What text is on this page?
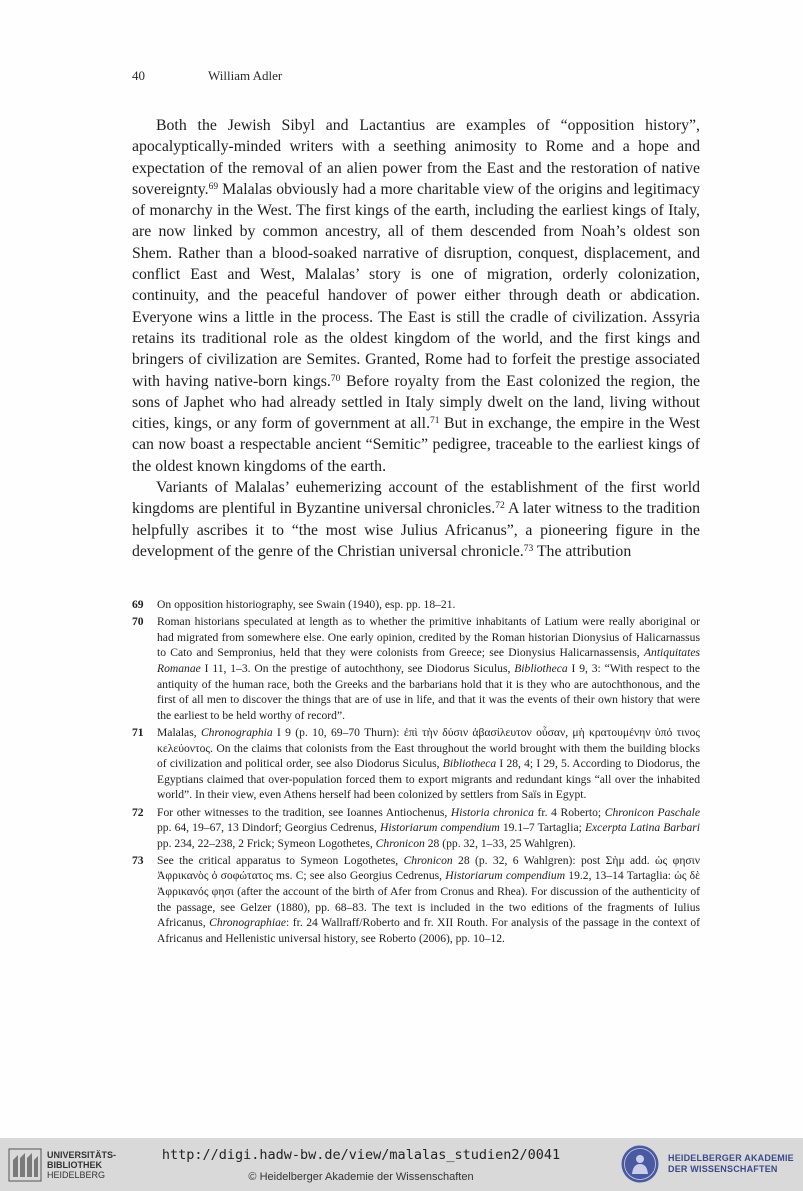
40	William Adler

Both the Jewish Sibyl and Lactantius are examples of “opposition history”, apocalyptically-minded writers with a seething animosity to Rome and a hope and expectation of the removal of an alien power from the East and the restoration of native sovereignty.$^{69}$ Malalas obviously had a more charitable view of the origins and legitimacy of monarchy in the West. The first kings of the earth, including the earliest kings of Italy, are now linked by common ancestry, all of them descended from Noah’s oldest son Shem. Rather than a blood-soaked narrative of disruption, conquest, displacement, and conflict East and West, Malalas’ story is one of migration, orderly colonization, continuity, and the peaceful handover of power either through death or abdication. Everyone wins a little in the process. The East is still the cradle of civilization. Assyria retains its traditional role as the oldest kingdom of the world, and the first kings and bringers of civilization are Semites. Granted, Rome had to forfeit the prestige associated with having native-born kings.$^{70}$ Before royalty from the East colonized the region, the sons of Japhet who had already settled in Italy simply dwelt on the land, living without cities, kings, or any form of government at all.$^{71}$ But in exchange, the empire in the West can now boast a respectable ancient “Semitic” pedigree, traceable to the earliest kings of the oldest known kingdoms of the earth.

Variants of Malalas’ euhemerizing account of the establishment of the first world kingdoms are plentiful in Byzantine universal chronicles.$^{72}$ A later witness to the tradition helpfully ascribes it to “the most wise Julius Africanus”, a pioneering figure in the development of the genre of the Christian universal chronicle.$^{73}$ The attribution

69	On opposition historiography, see Swain (1940), esp. pp. 18–21.
70	Roman historians speculated at length as to whether the primitive inhabitants of Latium were really aboriginal or had migrated from somewhere else. One early opinion, credited by the Roman historian Dionysius of Halicarnassus to Cato and Sempronius, held that they were colonists from Greece; see Dionysius Halicarnassensis, Antiquitates Romanae I 11, 1–3. On the prestige of autochthony, see Diodorus Siculus, Bibliotheca I 9, 3: “With respect to the antiquity of the human race, both the Greeks and the barbarians hold that it is they who are autochthonous, and the first of all men to discover the things that are of use in life, and that it was the events of their own history that were the earliest to be held worthy of record”.
71	Malalas, Chronographia I 9 (p. 10, 69–70 Thurn): ἐπὶ τὴν δύσιν ἀβασίλευτον οὖσαν, μὴ κρατουμένην ὑπό τινος κελεύοντος. On the claims that colonists from the East throughout the world brought with them the building blocks of civilization and political order, see also Diodorus Siculus, Bibliotheca I 28, 4; I 29, 5. According to Diodorus, the Egyptians claimed that over-population forced them to export migrants and redundant kings “all over the inhabited world”. In their view, even Athens herself had been colonized by settlers from Saïs in Egypt.
72	For other witnesses to the tradition, see Ioannes Antiochenus, Historia chronica fr. 4 Roberto; Chronicon Paschale pp. 64, 19–67, 13 Dindorf; Georgius Cedrenus, Historiarum compendium 19.1–7 Tartaglia; Excerpta Latina Barbari pp. 234, 22–238, 2 Frick; Symeon Logothetes, Chronicon 28 (pp. 32, 1–33, 25 Wahlgren).
73	See the critical apparatus to Symeon Logothetes, Chronicon 28 (p. 32, 6 Wahlgren): post Σὴμ add. ὡς φησιν Ἀφρικανὸς ὁ σοφώτατος ms. C; see also Georgius Cedrenus, Historiarum compendium 19.2, 13–14 Tartaglia: ὡς δὲ Ἀφρικανός φησι (after the account of the birth of Afer from Cronus and Rhea). For discussion of the authenticity of the passage, see Gelzer (1880), pp. 68–83. The text is included in the two editions of the fragments of Iulius Africanus, Chronographiae: fr. 24 Wallraff/Roberto and fr. XII Routh. For analysis of the passage in the context of Africanus and Hellenistic universal history, see Roberto (2006), pp. 10–12.
UNIVERSITÄTS-
BIBLIOTHEK
HEIDELBERG
http://digi.hadw-bw.de/view/malalas_studien2/0041
© Heidelberger Akademie der Wissenschaften
HEIDELBERGER AKADEMIE
DER WISSENSCHAFTEN
